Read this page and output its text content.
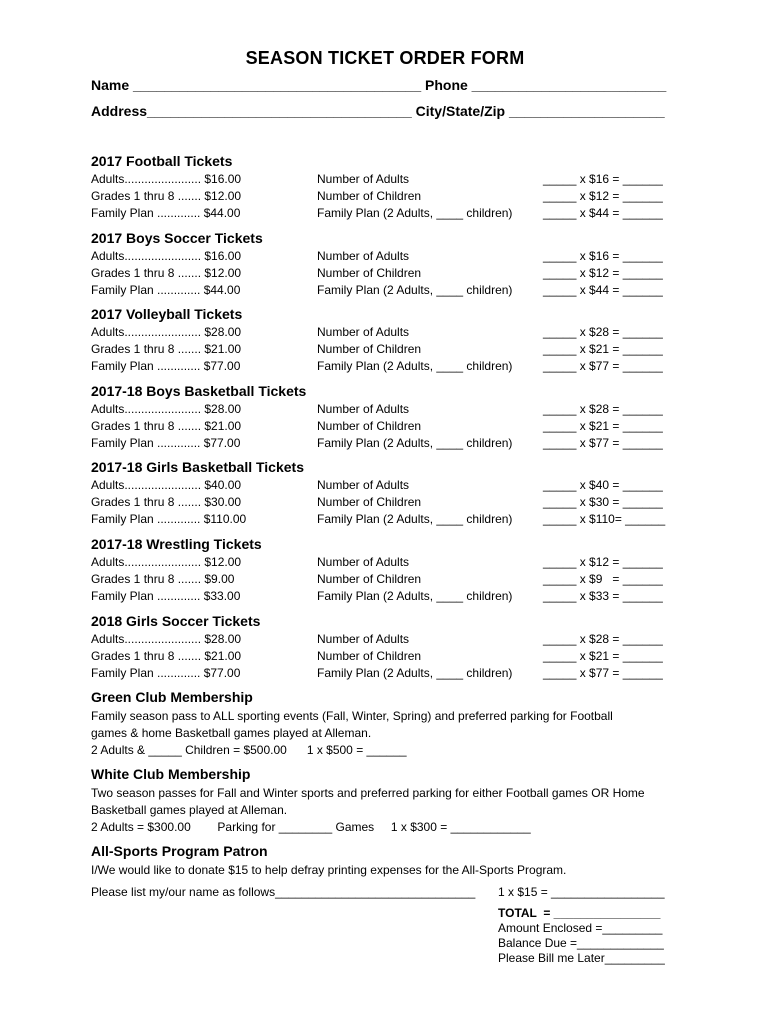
SEASON TICKET ORDER FORM
Name _____________________________________ Phone _________________________
Address__________________________________ City/State/Zip ____________________
2017 Football Tickets
Adults....................... $16.00	Number of Adults	_____ x $16 = ______
Grades 1 thru 8 ....... $12.00	Number of Children	_____ x $12 = ______
Family Plan ............. $44.00	Family Plan (2 Adults, ____ children)	_____ x $44 = ______
2017 Boys Soccer Tickets
Adults....................... $16.00	Number of Adults	_____ x $16 = ______
Grades 1 thru 8 ....... $12.00	Number of Children	_____ x $12 = ______
Family Plan ............. $44.00	Family Plan (2 Adults, ____ children)	_____ x $44 = ______
2017 Volleyball Tickets
Adults....................... $28.00	Number of Adults	_____ x $28 = ______
Grades 1 thru 8 ....... $21.00	Number of Children	_____ x $21 = ______
Family Plan ............. $77.00	Family Plan (2 Adults, ____ children)	_____ x $77 = ______
2017-18 Boys Basketball Tickets
Adults....................... $28.00	Number of Adults	_____ x $28 = ______
Grades 1 thru 8 ....... $21.00	Number of Children	_____ x $21 = ______
Family Plan ............. $77.00	Family Plan (2 Adults, ____ children)	_____ x $77 = ______
2017-18 Girls Basketball Tickets
Adults....................... $40.00	Number of Adults	_____ x $40 = ______
Grades 1 thru 8 ....... $30.00	Number of Children	_____ x $30 = ______
Family Plan ............. $110.00	Family Plan (2 Adults, ____ children)	_____ x $110= ______
2017-18 Wrestling Tickets
Adults....................... $12.00	Number of Adults	_____ x $12 = ______
Grades 1 thru 8 ....... $9.00	Number of Children	_____ x $9   = ______
Family Plan ............. $33.00	Family Plan (2 Adults, ____ children)	_____ x $33 = ______
2018 Girls Soccer Tickets
Adults....................... $28.00	Number of Adults	_____ x $28 = ______
Grades 1 thru 8 ....... $21.00	Number of Children	_____ x $21 = ______
Family Plan ............. $77.00	Family Plan (2 Adults, ____ children)	_____ x $77 = ______
Green Club Membership
Family season pass to ALL sporting events (Fall, Winter, Spring) and preferred parking for Football
games & home Basketball games played at Alleman.
2 Adults & _____ Children = $500.00      1 x $500 = ______
White Club Membership
Two season passes for Fall and Winter sports and preferred parking for either Football games OR Home
Basketball games played at Alleman.
2 Adults = $300.00        Parking for ________ Games     1 x $300 = ____________
All-Sports Program Patron
I/We would like to donate $15 to help defray printing expenses for the All-Sports Program.
Please list my/our name as follows______________________________ 1 x $15 = _________________
TOTAL  = ________________
Amount Enclosed =_________
Balance Due =_____________
Please Bill me Later_________
